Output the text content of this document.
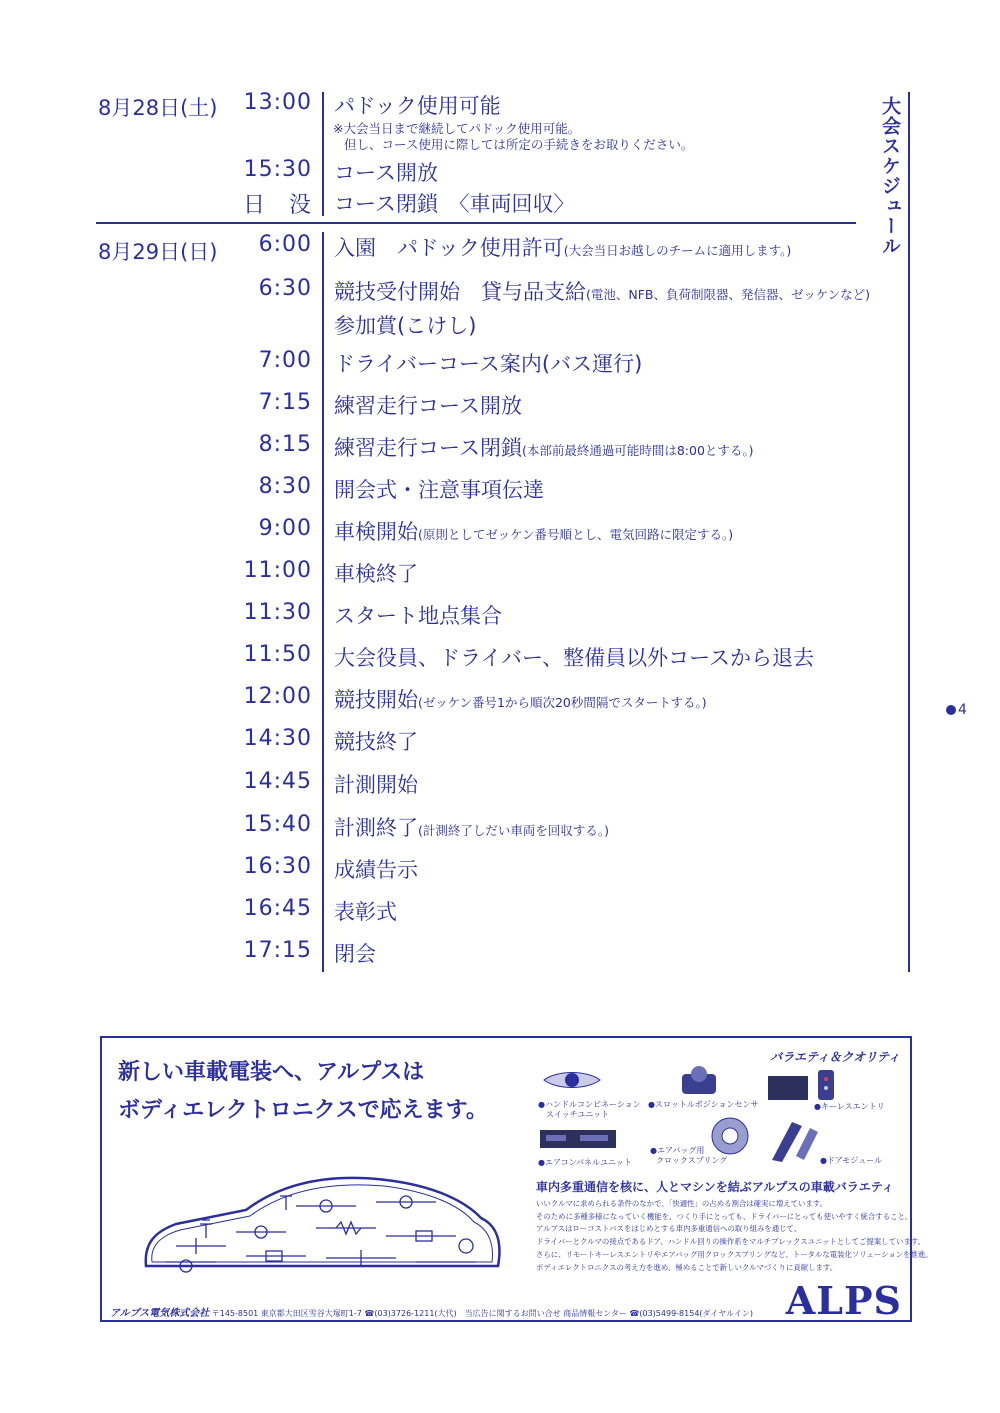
大会スケジュール
4
8月28日(土) 13:00 パドック使用可能
※大会当日まで継続してパドック使用可能。
但し、コース使用に際しては所定の手続きをお取りください。
15:30 コース開放
日　没 コース閉鎖　〈車両回収〉
8月29日(日) 6:00 入園　パドック使用許可(大会当日お越しのチームに適用します。)
6:30 競技受付開始　貸与品支給(電池、NFB、負荷制限器、発信器、ゼッケンなど)
7:00 ドライバーコース案内(バス運行)
7:15 練習走行コース開放
8:15 練習走行コース閉鎖(本部前最終通過可能時間は8:00とする。)
8:30 開会式・注意事項伝達
9:00 車検開始(原則としてゼッケン番号順とし、電気回路に限定する。)
11:00 車検終了
11:30 スタート地点集合
11:50 大会役員、ドライバー、整備員以外コースから退去
12:00 競技開始(ゼッケン番号1から順次20秒間隔でスタートする。)
14:30 競技終了
14:45 計測開始
15:40 計測終了(計測終了しだい車両を回収する。)
16:30 成績告示
16:45 表彰式
17:15 閉会
参加賞(こけし)
新しい車載電装へ、アルプスは
ボディエレクトロニクスで応えます。
バラエティ＆クオリティ
●ハンドルコンビネーション
スイッチユニット
●スロットルポジションセンサ	●キーレスエントリ
●エアコンパネルユニット
●エアバッグ用
クロックスプリング	●ドアモジュール
車内多重通信を核に、人とマシンを結ぶアルプスの車載バラエティ
いいクルマに求められる条件のなかで、「快適性」の占める割合は確実に増えています。
そのために多種多様になっていく機能を、つくり手にとっても、ドライバーにとっても使いやすく統合すること。
アルプスはローコストバスをはじめとする車内多重通信への取り組みを通じて、
ドライバーとクルマの接点であるドア、ハンドル回りの操作系をマルチプレックスユニットとしてご提案しています。
さらに、リモートキーレスエントリやエアバッグ用クロックスプリングなど、トータルな電装化ソリューションを推進。
ボディエレクトロニクスの考え方を進め、極めることで新しいクルマづくりに貢献します。
ALPS
アルプス電気株式会社 〒145-8501 東京都大田区雪谷大塚町1-7 ☎(03)3726-1211(大代)　当広告に関するお問い合せ 商品情報センター ☎(03)5499-8154(ダイヤルイン)
